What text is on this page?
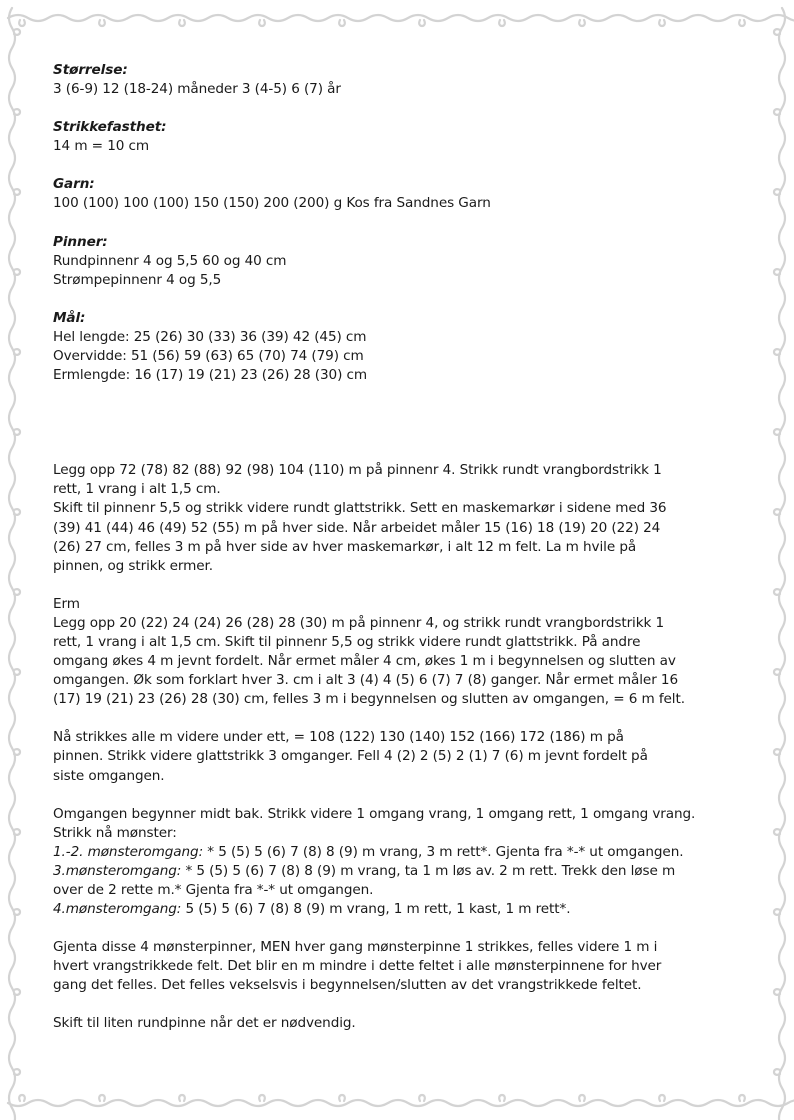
Størrelse:
3 (6-9) 12 (18-24) måneder 3 (4-5) 6 (7) år
Strikkefasthet:
14 m = 10 cm
Garn:
100 (100) 100 (100) 150 (150) 200 (200) g Kos fra Sandnes Garn
Pinner:
Rundpinnenr 4 og 5,5 60 og 40 cm
Strømpepinnenr 4 og 5,5
Mål:
Hel lengde: 25 (26) 30 (33) 36 (39) 42 (45) cm
Overvidde: 51 (56) 59 (63) 65 (70) 74 (79) cm
Ermlengde: 16 (17) 19 (21) 23 (26) 28 (30) cm
Legg opp 72 (78) 82 (88) 92 (98) 104 (110) m på pinnenr 4. Strikk rundt vrangbordstrikk 1
rett, 1 vrang i alt 1,5 cm.
Skift til pinnenr 5,5 og strikk videre rundt glattstrikk. Sett en maskemarkør i sidene med 36
(39) 41 (44) 46 (49) 52 (55) m på hver side. Når arbeidet måler 15 (16) 18 (19) 20 (22) 24
(26) 27 cm, felles 3 m på hver side av hver maskemarkør, i alt 12 m felt. La m hvile på
pinnen, og strikk ermer.
Erm
Legg opp 20 (22) 24 (24) 26 (28) 28 (30) m på pinnenr 4, og strikk rundt vrangbordstrikk 1
rett, 1 vrang i alt 1,5 cm. Skift til pinnenr 5,5 og strikk videre rundt glattstrikk. På andre
omgang økes 4 m jevnt fordelt. Når ermet måler 4 cm, økes 1 m i begynnelsen og slutten av
omgangen. Øk som forklart hver 3. cm i alt 3 (4) 4 (5) 6 (7) 7 (8) ganger. Når ermet måler 16
(17) 19 (21) 23 (26) 28 (30) cm, felles 3 m i begynnelsen og slutten av omgangen, = 6 m felt.
Nå strikkes alle m videre under ett, = 108 (122) 130 (140) 152 (166) 172 (186) m på
pinnen. Strikk videre glattstrikk 3 omganger. Fell 4 (2) 2 (5) 2 (1) 7 (6) m jevnt fordelt på
siste omgangen.
Omgangen begynner midt bak. Strikk videre 1 omgang vrang, 1 omgang rett, 1 omgang vrang.
Strikk nå mønster:
1.-2. mønsteromgang: * 5 (5) 5 (6) 7 (8) 8 (9) m vrang, 3 m rett*. Gjenta fra *-* ut omgangen.
3.mønsteromgang: * 5 (5) 5 (6) 7 (8) 8 (9) m vrang, ta 1 m løs av. 2 m rett. Trekk den løse m
over de 2 rette m.* Gjenta fra *-* ut omgangen.
4.mønsteromgang: 5 (5) 5 (6) 7 (8) 8 (9) m vrang, 1 m rett, 1 kast, 1 m rett*.
Gjenta disse 4 mønsterpinner, MEN hver gang mønsterpinne 1 strikkes, felles videre 1 m i
hvert vrangstrikkede felt. Det blir en m mindre i dette feltet i alle mønsterpinnene for hver
gang det felles. Det felles vekselsvis i begynnelsen/slutten av det vrangstrikkede feltet.
Skift til liten rundpinne når det er nødvendig.
